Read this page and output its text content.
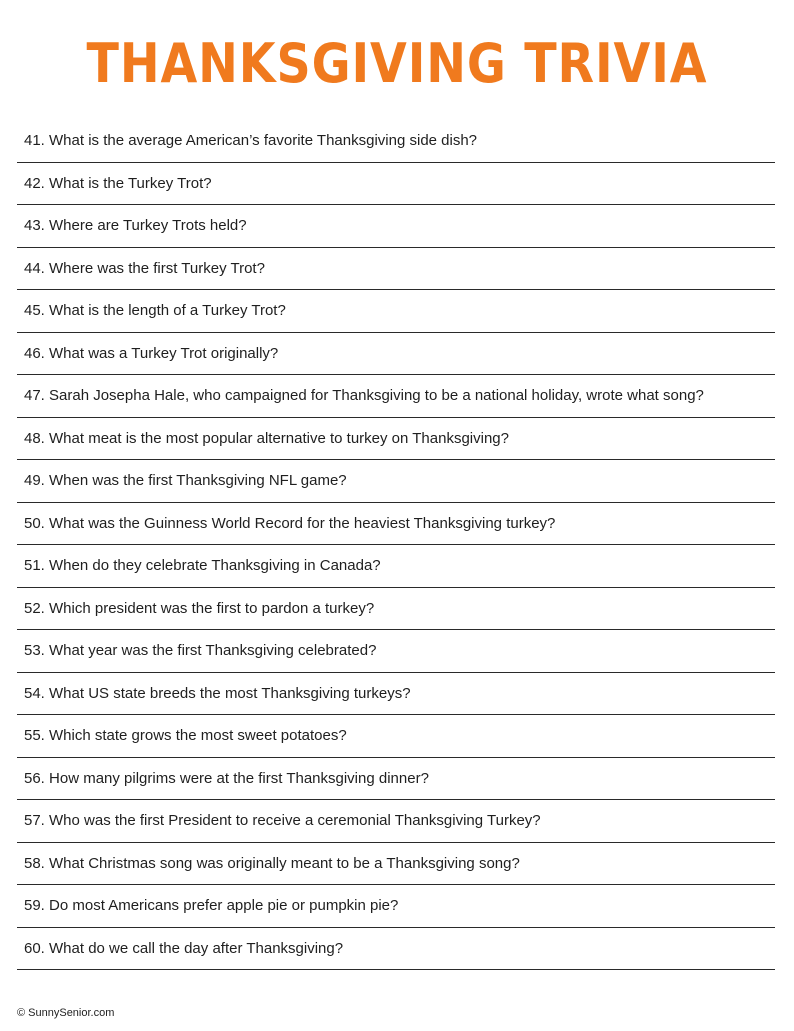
THANKSGIVING TRIVIA
41. What is the average American’s favorite Thanksgiving side dish?
42. What is the Turkey Trot?
43. Where are Turkey Trots held?
44. Where was the first Turkey Trot?
45. What is the length of a Turkey Trot?
46. What was a Turkey Trot originally?
47. Sarah Josepha Hale, who campaigned for Thanksgiving to be a national holiday, wrote what song?
48. What meat is the most popular alternative to turkey on Thanksgiving?
49. When was the first Thanksgiving NFL game?
50. What was the Guinness World Record for the heaviest Thanksgiving turkey?
51. When do they celebrate Thanksgiving in Canada?
52. Which president was the first to pardon a turkey?
53. What year was the first Thanksgiving celebrated?
54. What US state breeds the most Thanksgiving turkeys?
55. Which state grows the most sweet potatoes?
56. How many pilgrims were at the first Thanksgiving dinner?
57. Who was the first President to receive a ceremonial Thanksgiving Turkey?
58. What Christmas song was originally meant to be a Thanksgiving song?
59. Do most Americans prefer apple pie or pumpkin pie?
60. What do we call the day after Thanksgiving?
© SunnySenior.com
